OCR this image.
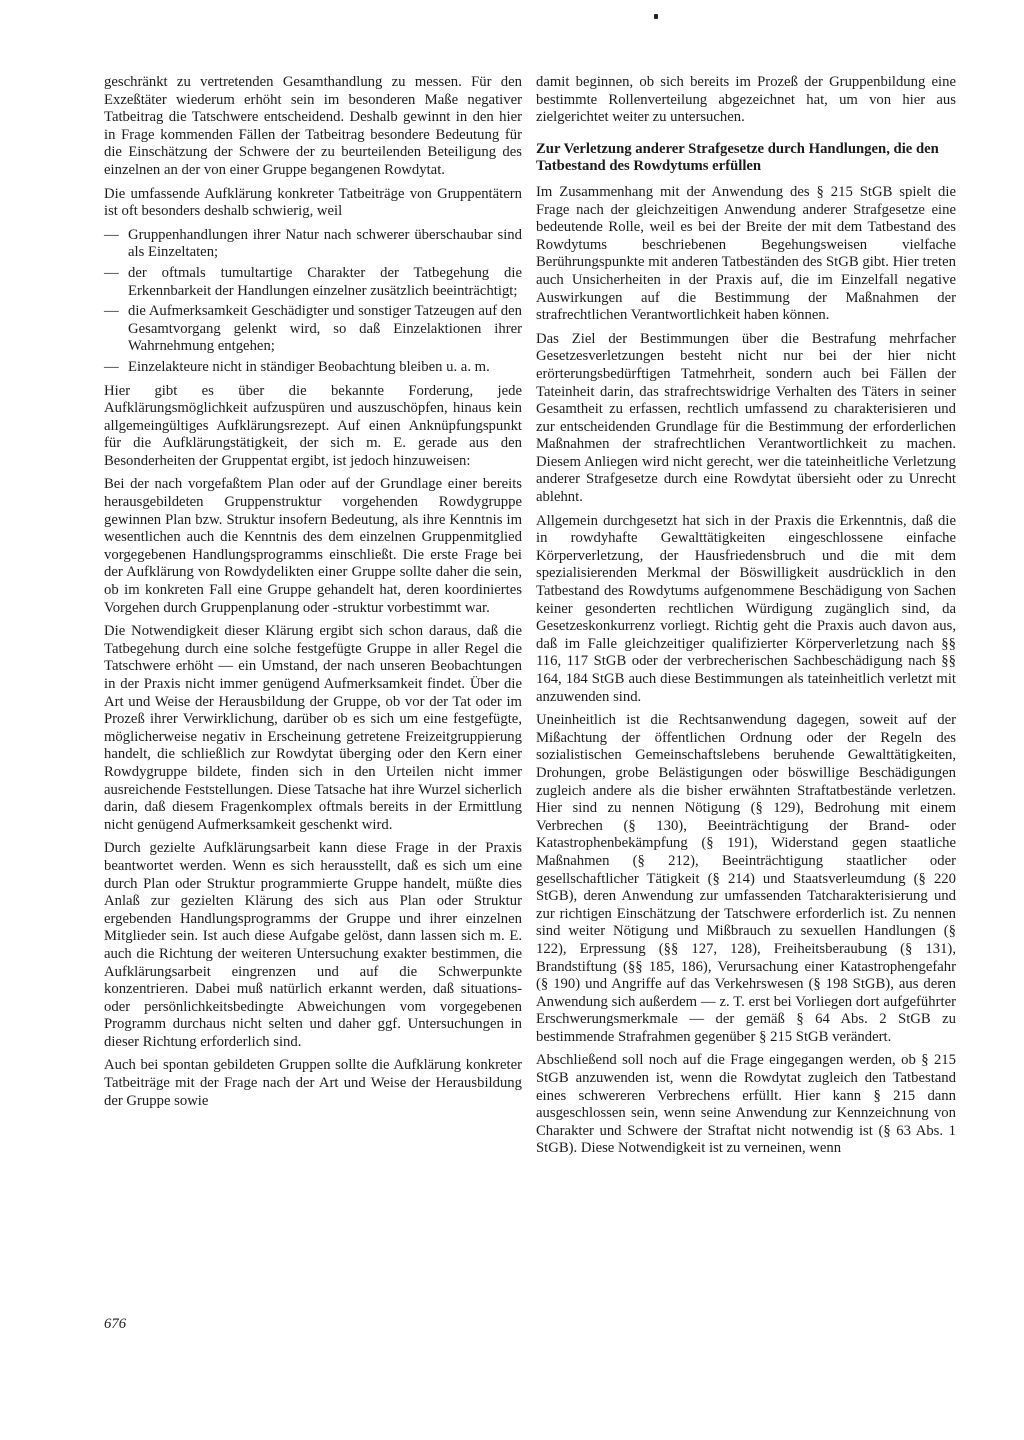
geschränkt zu vertretenden Gesamthandlung zu messen. Für den Exzeßtäter wiederum erhöht sein im besonderen Maße negativer Tatbeitrag die Tatschwere entscheidend. Deshalb gewinnt in den hier in Frage kommenden Fällen der Tatbeitrag besondere Bedeutung für die Einschätzung der Schwere der zu beurteilenden Beteiligung des einzelnen an der von einer Gruppe begangenen Rowdytat.

Die umfassende Aufklärung konkreter Tatbeiträge von Gruppentätern ist oft besonders deshalb schwierig, weil

— Gruppenhandlungen ihrer Natur nach schwerer überschaubar sind als Einzeltaten;
— der oftmals tumultartige Charakter der Tatbegehung die Erkennbarkeit der Handlungen einzelner zusätzlich beeinträchtigt;
— die Aufmerksamkeit Geschädigter und sonstiger Tatzeugen auf den Gesamtvorgang gelenkt wird, so daß Einzelaktionen ihrer Wahrnehmung entgehen;
— Einzelakteure nicht in ständiger Beobachtung bleiben u. a. m.

Hier gibt es über die bekannte Forderung, jede Aufklärungsmöglichkeit aufzuspüren und auszuschöpfen, hinaus kein allgemeingültiges Aufklärungsrezept. Auf einen Anknüpfungspunkt für die Aufklärungstätigkeit, der sich m. E. gerade aus den Besonderheiten der Gruppentat ergibt, ist jedoch hinzuweisen:

Bei der nach vorgefaßtem Plan oder auf der Grundlage einer bereits herausgebildeten Gruppenstruktur vorgehenden Rowdygruppe gewinnen Plan bzw. Struktur insofern Bedeutung, als ihre Kenntnis im wesentlichen auch die Kenntnis des dem einzelnen Gruppenmitglied vorgegebenen Handlungsprogramms einschließt. Die erste Frage bei der Aufklärung von Rowdydelikten einer Gruppe sollte daher die sein, ob im konkreten Fall eine Gruppe gehandelt hat, deren koordiniertes Vorgehen durch Gruppenplanung oder -struktur vorbestimmt war.

Die Notwendigkeit dieser Klärung ergibt sich schon daraus, daß die Tatbegehung durch eine solche festgefügte Gruppe in aller Regel die Tatschwere erhöht — ein Umstand, der nach unseren Beobachtungen in der Praxis nicht immer genügend Aufmerksamkeit findet. Über die Art und Weise der Herausbildung der Gruppe, ob vor der Tat oder im Prozeß ihrer Verwirklichung, darüber ob es sich um eine festgefügte, möglicherweise negativ in Erscheinung getretene Freizeitgruppierung handelt, die schließlich zur Rowdytat überging oder den Kern einer Rowdygruppe bildete, finden sich in den Urteilen nicht immer ausreichende Feststellungen. Diese Tatsache hat ihre Wurzel sicherlich darin, daß diesem Fragenkomplex oftmals bereits in der Ermittlung nicht genügend Aufmerksamkeit geschenkt wird.

Durch gezielte Aufklärungsarbeit kann diese Frage in der Praxis beantwortet werden. Wenn es sich herausstellt, daß es sich um eine durch Plan oder Struktur programmierte Gruppe handelt, müßte dies Anlaß zur gezielten Klärung des sich aus Plan oder Struktur ergebenden Handlungsprogramms der Gruppe und ihrer einzelnen Mitglieder sein. Ist auch diese Aufgabe gelöst, dann lassen sich m. E. auch die Richtung der weiteren Untersuchung exakter bestimmen, die Aufklärungsarbeit eingrenzen und auf die Schwerpunkte konzentrieren. Dabei muß natürlich erkannt werden, daß situations- oder persönlichkeitsbedingte Abweichungen vom vorgegebenen Programm durchaus nicht selten und daher ggf. Untersuchungen in dieser Richtung erforderlich sind.

Auch bei spontan gebildeten Gruppen sollte die Aufklärung konkreter Tatbeiträge mit der Frage nach der Art und Weise der Herausbildung der Gruppe sowie

damit beginnen, ob sich bereits im Prozeß der Gruppenbildung eine bestimmte Rollenverteilung abgezeichnet hat, um von hier aus zielgerichtet weiter zu untersuchen.

Zur Verletzung anderer Strafgesetze durch Handlungen, die den Tatbestand des Rowdytums erfüllen

Im Zusammenhang mit der Anwendung des § 215 StGB spielt die Frage nach der gleichzeitigen Anwendung anderer Strafgesetze eine bedeutende Rolle, weil es bei der Breite der mit dem Tatbestand des Rowdytums beschriebenen Begehungsweisen vielfache Berührungspunkte mit anderen Tatbeständen des StGB gibt. Hier treten auch Unsicherheiten in der Praxis auf, die im Einzelfall negative Auswirkungen auf die Bestimmung der Maßnahmen der strafrechtlichen Verantwortlichkeit haben können.

Das Ziel der Bestimmungen über die Bestrafung mehrfacher Gesetzesverletzungen besteht nicht nur bei der hier nicht erörterungsbedürftigen Tatmehrheit, sondern auch bei Fällen der Tateinheit darin, das strafrechtswidrige Verhalten des Täters in seiner Gesamtheit zu erfassen, rechtlich umfassend zu charakterisieren und zur entscheidenden Grundlage für die Bestimmung der erforderlichen Maßnahmen der strafrechtlichen Verantwortlichkeit zu machen. Diesem Anliegen wird nicht gerecht, wer die tateinheitliche Verletzung anderer Strafgesetze durch eine Rowdytat übersieht oder zu Unrecht ablehnt.

Allgemein durchgesetzt hat sich in der Praxis die Erkenntnis, daß die in rowdyhafte Gewalttätigkeiten eingeschlossene einfache Körperverletzung, der Hausfriedensbruch und die mit dem spezialisierenden Merkmal der Böswilligkeit ausdrücklich in den Tatbestand des Rowdytums aufgenommene Beschädigung von Sachen keiner gesonderten rechtlichen Würdigung zugänglich sind, da Gesetzeskonkurrenz vorliegt. Richtig geht die Praxis auch davon aus, daß im Falle gleichzeitiger qualifizierter Körperverletzung nach §§ 116, 117 StGB oder der verbrecherischen Sachbeschädigung nach §§ 164, 184 StGB auch diese Bestimmungen als tateinheitlich verletzt mit anzuwenden sind.

Uneinheitlich ist die Rechtsanwendung dagegen, soweit auf der Mißachtung der öffentlichen Ordnung oder der Regeln des sozialistischen Gemeinschaftslebens beruhende Gewalttätigkeiten, Drohungen, grobe Belästigungen oder böswillige Beschädigungen zugleich andere als die bisher erwähnten Straftatbestände verletzen. Hier sind zu nennen Nötigung (§ 129), Bedrohung mit einem Verbrechen (§ 130), Beeinträchtigung der Brand- oder Katastrophenbekämpfung (§ 191), Widerstand gegen staatliche Maßnahmen (§ 212), Beeinträchtigung staatlicher oder gesellschaftlicher Tätigkeit (§ 214) und Staatsverleumdung (§ 220 StGB), deren Anwendung zur umfassenden Tatcharakterisierung und zur richtigen Einschätzung der Tatschwere erforderlich ist. Zu nennen sind weiter Nötigung und Mißbrauch zu sexuellen Handlungen (§ 122), Erpressung (§§ 127, 128), Freiheitsberaubung (§ 131), Brandstiftung (§§ 185, 186), Verursachung einer Katastrophengefahr (§ 190) und Angriffe auf das Verkehrswesen (§ 198 StGB), aus deren Anwendung sich außerdem — z. T. erst bei Vorliegen dort aufgeführter Erschwerungsmerkmale — der gemäß § 64 Abs. 2 StGB zu bestimmende Strafrahmen gegenüber § 215 StGB verändert.

Abschließend soll noch auf die Frage eingegangen werden, ob § 215 StGB anzuwenden ist, wenn die Rowdytat zugleich den Tatbestand eines schwereren Verbrechens erfüllt. Hier kann § 215 dann ausgeschlossen sein, wenn seine Anwendung zur Kennzeichnung von Charakter und Schwere der Straftat nicht notwendig ist (§ 63 Abs. 1 StGB). Diese Notwendigkeit ist zu verneinen, wenn

676
